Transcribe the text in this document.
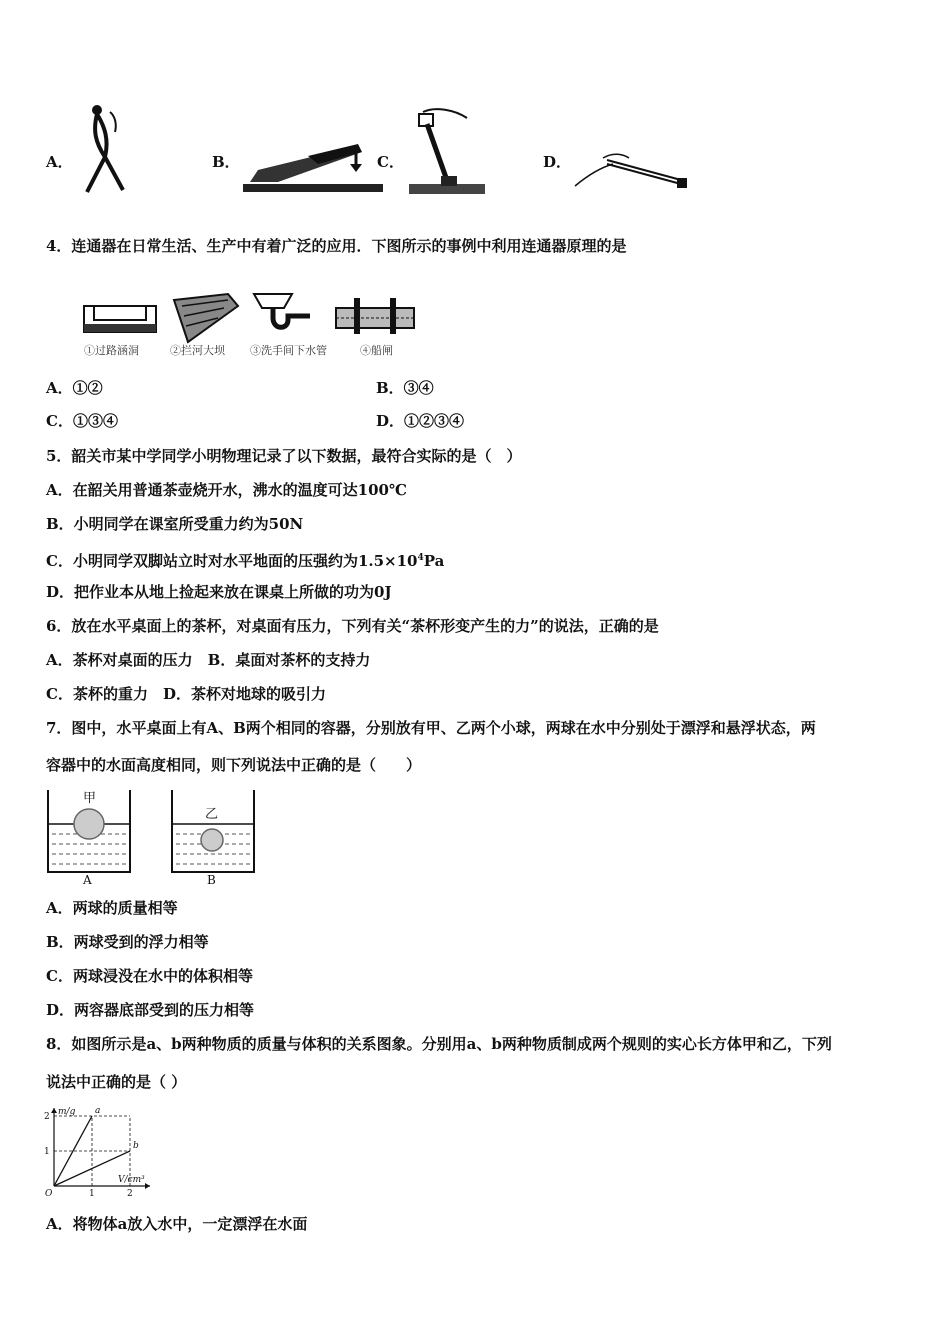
A．	B．	C．	D．
4．连通器在日常生活、生产中有着广泛的应用．下图所示的事例中利用连通器原理的是
①过路涵洞	②拦河大坝 ③洗手间下水管	④船闸
A．①②	B．③④
C．①③④	D．①②③④
5．韶关市某中学同学小明物理记录了以下数据，最符合实际的是（　）
A．在韶关用普通茶壶烧开水，沸水的温度可达100℃
B．小明同学在课室所受重力约为50N
C．小明同学双脚站立时对水平地面的压强约为$1.5\times 10^4Pa$
D．把作业本从地上捡起来放在课桌上所做的功为0J
6．放在水平桌面上的茶杯，对桌面有压力，下列有关“茶杯形变产生的力”的说法，正确的是
A．茶杯对桌面的压力　B．桌面对茶杯的支持力
C．茶杯的重力　D．茶杯对地球的吸引力
7．图中，水平桌面上有A、B两个相同的容器，分别放有甲、乙两个小球，两球在水中分别处于漂浮和悬浮状态，两
容器中的水面高度相同，则下列说法中正确的是（　　）
甲
A
乙
B
A．两球的质量相等
B．两球受到的浮力相等
C．两球浸没在水中的体积相等
D．两容器底部受到的压力相等
8．如图所示是a、b两种物质的质量与体积的关系图象。分别用a、b两种物质制成两个规则的实心长方体甲和乙，下列
说法中正确的是（ ）
m/g
V/cm³
O	1	2
1
2
a
b
A．将物体a放入水中，一定漂浮在水面
